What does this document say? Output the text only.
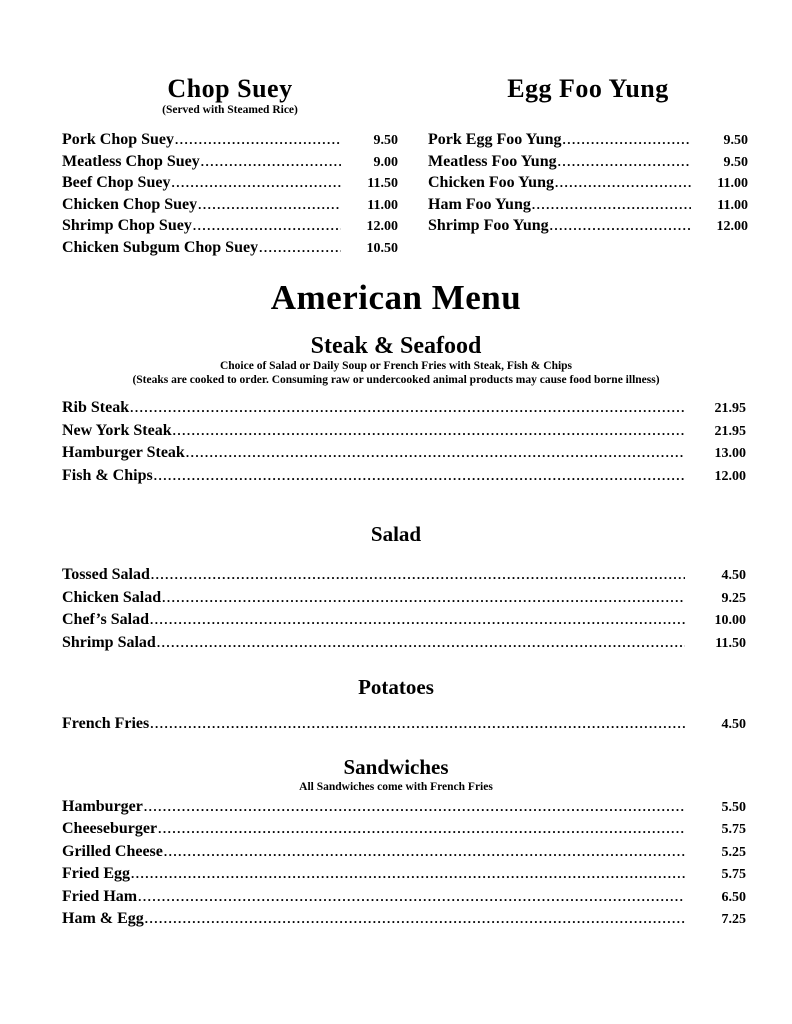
Chop Suey
(Served with Steamed Rice)
Pork Chop Suey .....	9.50
Meatless Chop Suey .....	9.00
Beef Chop Suey .....	11.50
Chicken Chop Suey .....	11.00
Shrimp Chop Suey .....	12.00
Chicken Subgum Chop Suey .....	10.50
Egg Foo Yung
Pork Egg Foo Yung .....	9.50
Meatless Foo Yung .....	9.50
Chicken Foo Yung .....	11.00
Ham Foo Yung .....	11.00
Shrimp Foo Yung .....	12.00
American Menu
Steak & Seafood
Choice of Salad or Daily Soup or French Fries with Steak, Fish & Chips
(Steaks are cooked to order. Consuming raw or undercooked animal products may cause food borne illness)
Rib Steak .....	21.95
New York Steak .....	21.95
Hamburger Steak .....	13.00
Fish & Chips .....	12.00
Salad
Tossed Salad .....	4.50
Chicken Salad .....	9.25
Chef’s Salad .....	10.00
Shrimp Salad .....	11.50
Potatoes
French Fries .....	4.50
Sandwiches
All Sandwiches come with French Fries
Hamburger .....	5.50
Cheeseburger .....	5.75
Grilled Cheese .....	5.25
Fried Egg .....	5.75
Fried Ham .....	6.50
Ham & Egg .....	7.25
